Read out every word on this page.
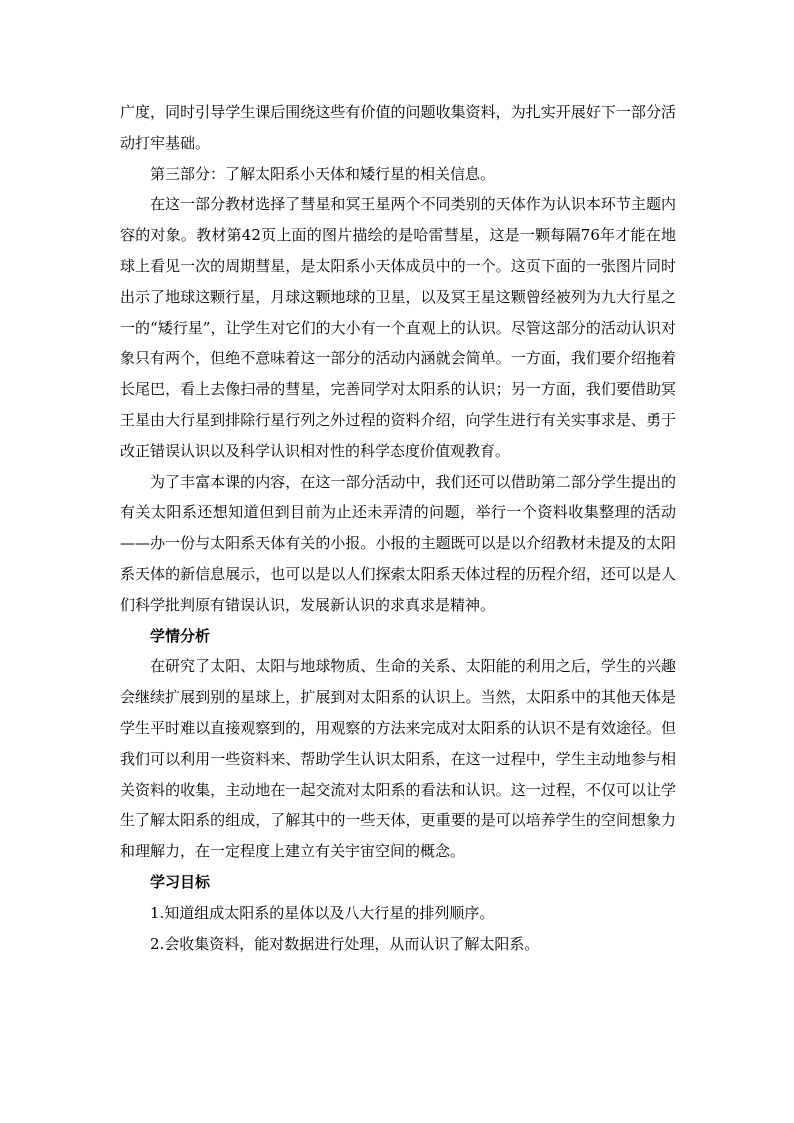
广度，同时引导学生课后围绕这些有价值的问题收集资料，为扎实开展好下一部分活动打牢基础。

第三部分：了解太阳系小天体和矮行星的相关信息。

在这一部分教材选择了彗星和冥王星两个不同类别的天体作为认识本环节主题内容的对象。教材第42页上面的图片描绘的是哈雷彗星，这是一颗每隔76年才能在地球上看见一次的周期彗星，是太阳系小天体成员中的一个。这页下面的一张图片同时出示了地球这颗行星，月球这颗地球的卫星，以及冥王星这颗曾经被列为九大行星之一的“矮行星”，让学生对它们的大小有一个直观上的认识。尽管这部分的活动认识对象只有两个，但绝不意味着这一部分的活动内涵就会简单。一方面，我们要介绍拖着长尾巴，看上去像扫帚的彗星，完善同学对太阳系的认识；另一方面，我们要借助冥王星由大行星到排除行星行列之外过程的资料介绍，向学生进行有关实事求是、勇于改正错误认识以及科学认识相对性的科学态度价值观教育。

为了丰富本课的内容，在这一部分活动中，我们还可以借助第二部分学生提出的有关太阳系还想知道但到目前为止还未弄清的问题，举行一个资料收集整理的活动——办一份与太阳系天体有关的小报。小报的主题既可以是以介绍教材未提及的太阳系天体的新信息展示，也可以是以人们探索太阳系天体过程的历程介绍，还可以是人们科学批判原有错误认识，发展新认识的求真求是精神。

学情分析

在研究了太阳、太阳与地球物质、生命的关系、太阳能的利用之后，学生的兴趣会继续扩展到别的星球上，扩展到对太阳系的认识上。当然，太阳系中的其他天体是学生平时难以直接观察到的，用观察的方法来完成对太阳系的认识不是有效途径。但我们可以利用一些资料来、帮助学生认识太阳系，在这一过程中，学生主动地参与相关资料的收集，主动地在一起交流对太阳系的看法和认识。这一过程，不仅可以让学生了解太阳系的组成，了解其中的一些天体，更重要的是可以培养学生的空间想象力和理解力，在一定程度上建立有关宇宙空间的概念。

学习目标

1.知道组成太阳系的星体以及八大行星的排列顺序。

2.会收集资料，能对数据进行处理，从而认识了解太阳系。
